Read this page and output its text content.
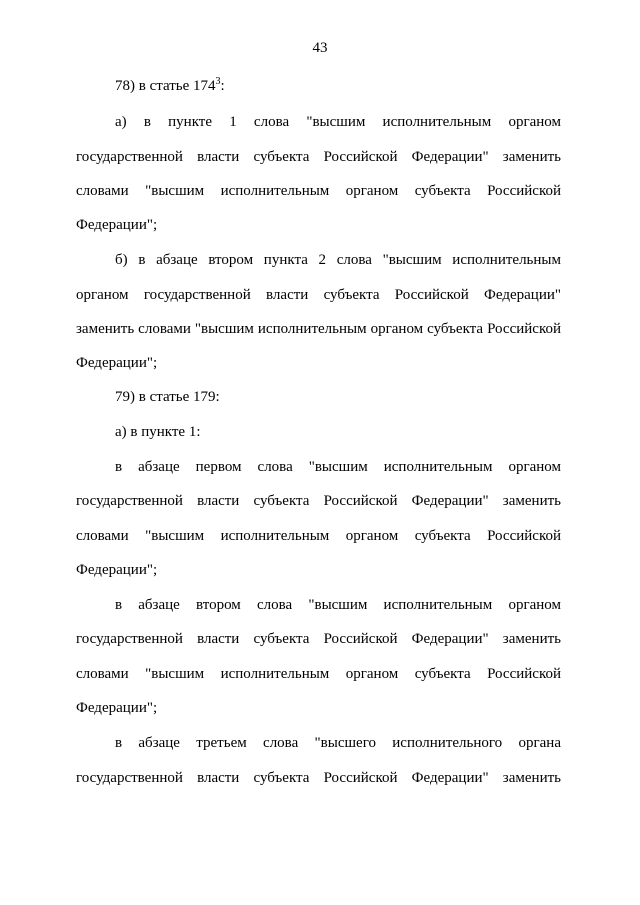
43
78) в статье $174^3$:
а) в пункте 1 слова "высшим исполнительным органом
государственной власти субъекта Российской Федерации" заменить
словами "высшим исполнительным органом субъекта Российской
Федерации";
б) в абзаце втором пункта 2 слова "высшим исполнительным
органом государственной власти субъекта Российской Федерации"
заменить словами "высшим исполнительным органом субъекта Российской
Федерации";
79) в статье 179:
а) в пункте 1:
в абзаце первом слова "высшим исполнительным органом
государственной власти субъекта Российской Федерации" заменить
словами "высшим исполнительным органом субъекта Российской
Федерации";
в абзаце втором слова "высшим исполнительным органом
государственной власти субъекта Российской Федерации" заменить
словами "высшим исполнительным органом субъекта Российской
Федерации";
в абзаце третьем слова "высшего исполнительного органа
государственной власти субъекта Российской Федерации" заменить
